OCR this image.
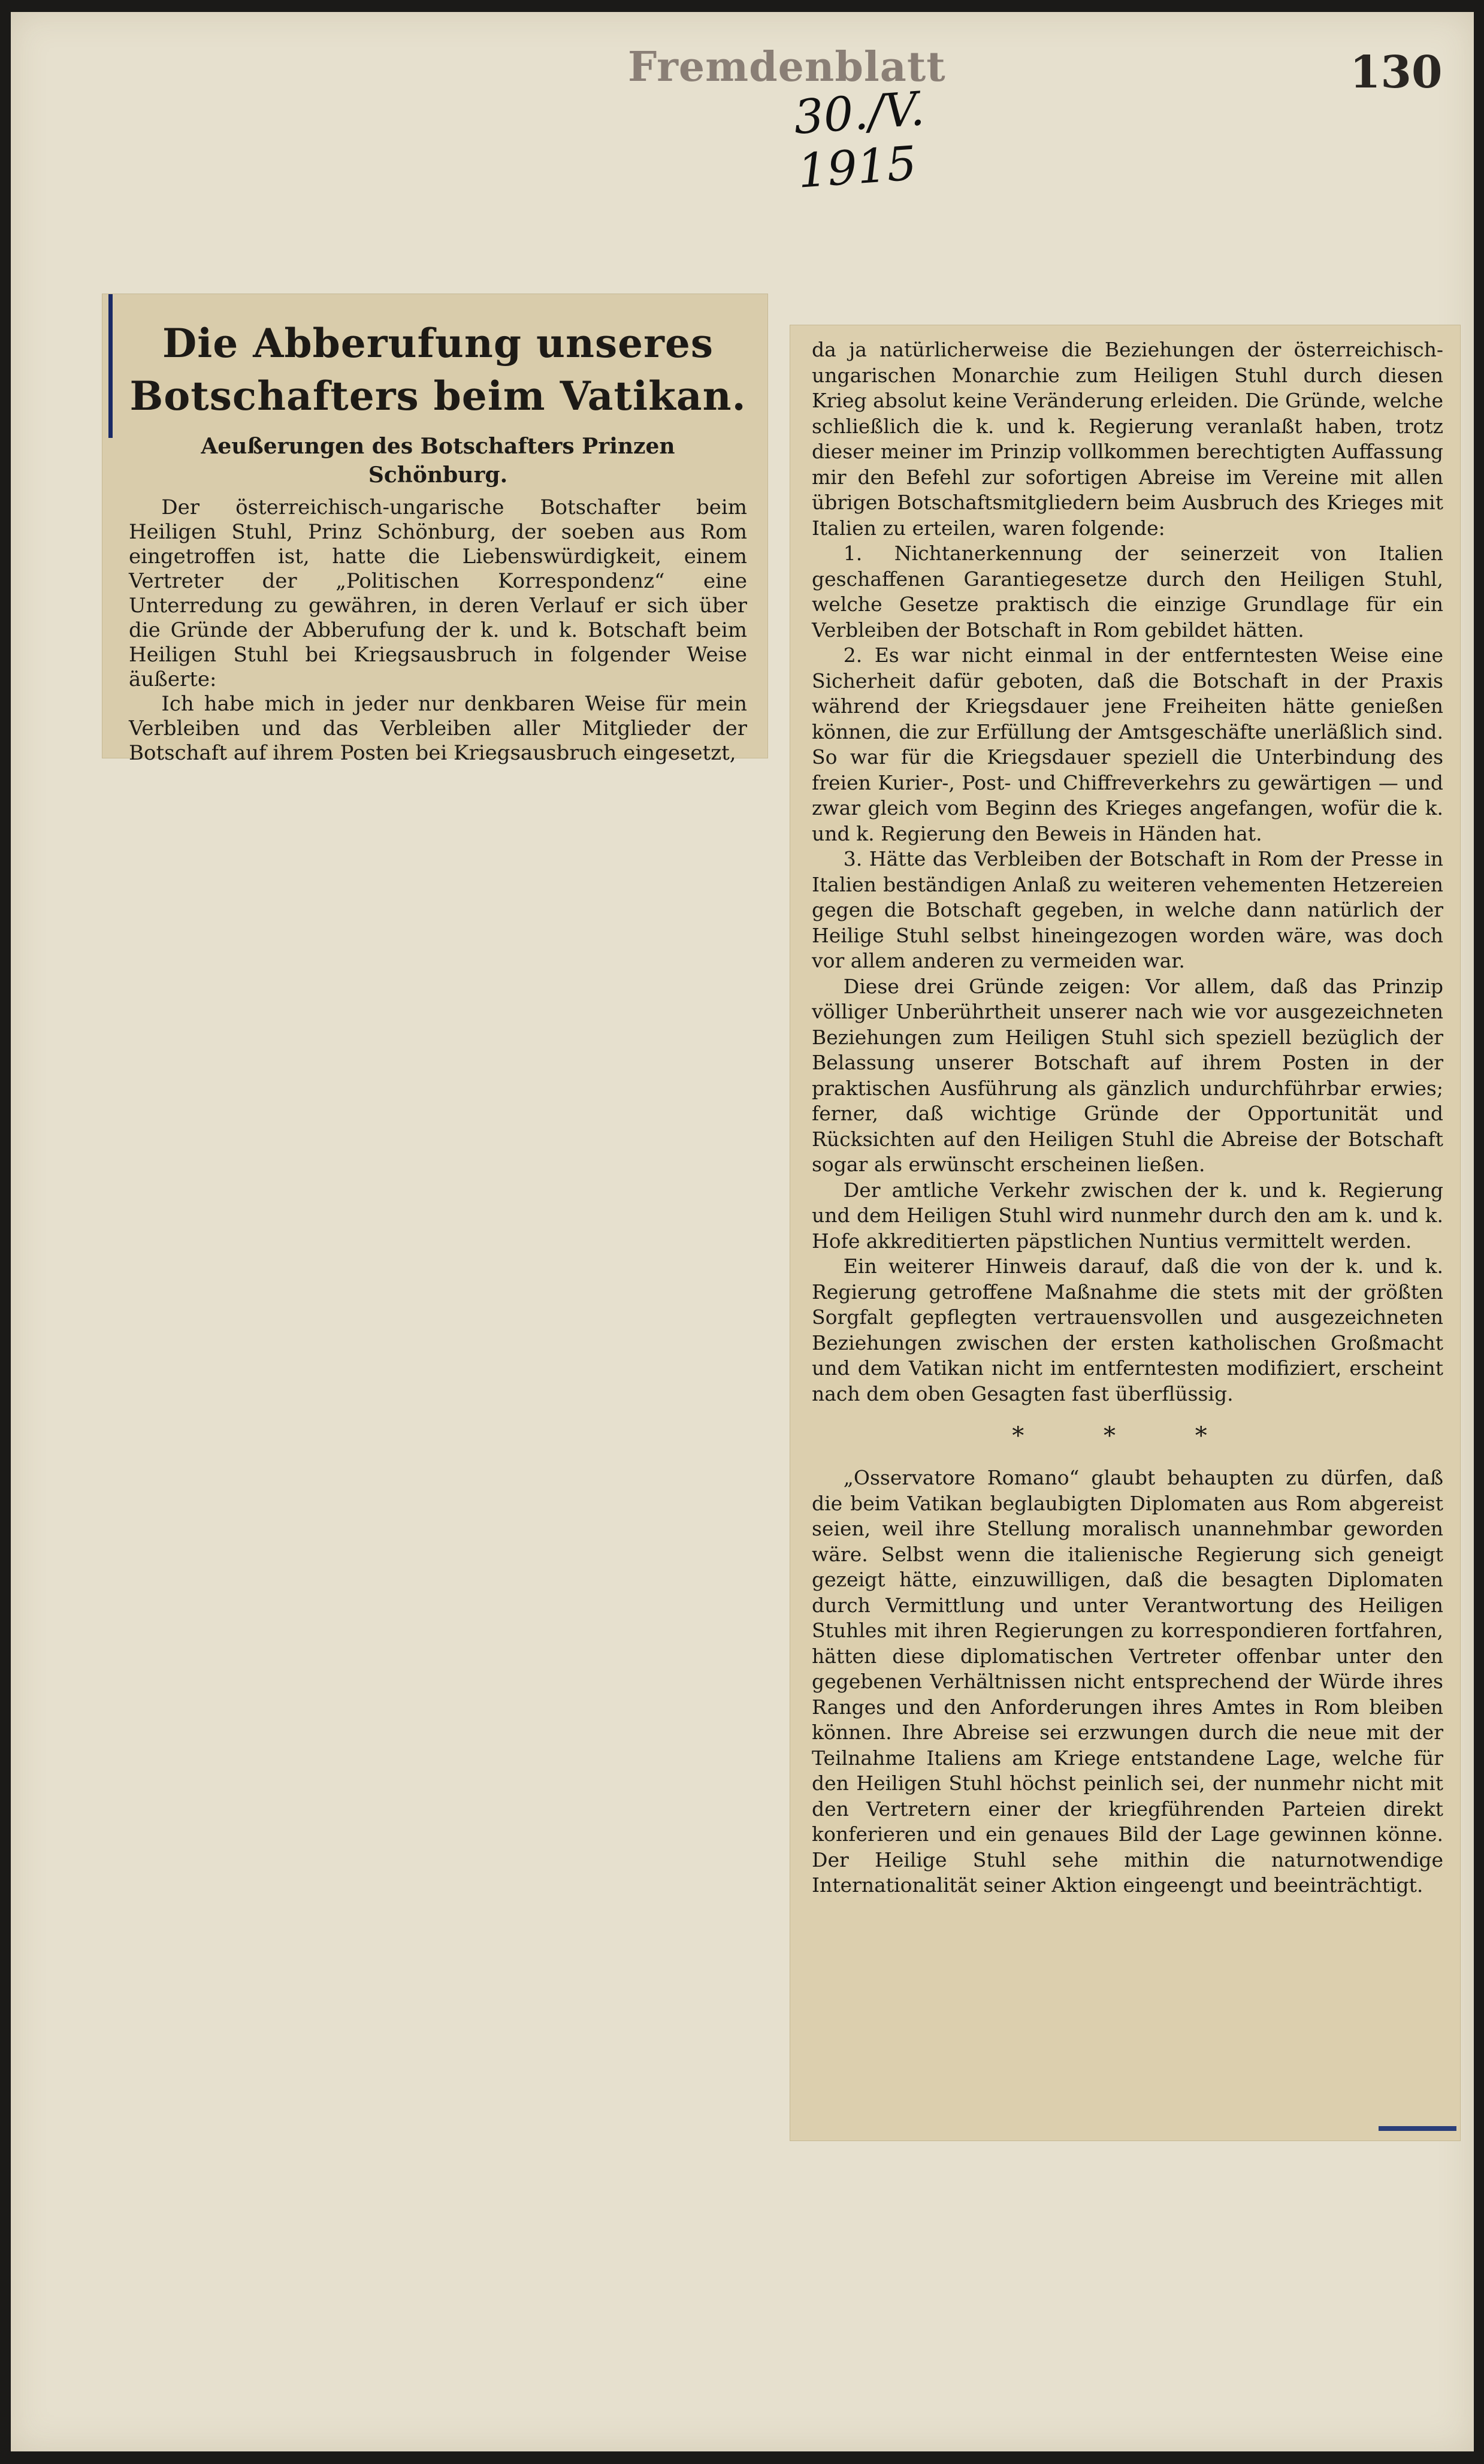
Fremdenblatt	130
30./V. 1915
Die Abberufung unseres Botschafters beim Vatikan.
Aeußerungen des Botschafters Prinzen Schönburg.

Der österreichisch-ungarische Botschafter beim Heiligen Stuhl, Prinz Schönburg, der soeben aus Rom eingetroffen ist, hatte die Liebenswürdigkeit, einem Vertreter der „Politischen Korrespondenz“ eine Unterredung zu gewähren, in deren Verlauf er sich über die Gründe der Abberufung der k. und k. Botschaft beim Heiligen Stuhl bei Kriegsausbruch in folgender Weise äußerte:

Ich habe mich in jeder nur denkbaren Weise für mein Verbleiben und das Verbleiben aller Mitglieder der Botschaft auf ihrem Posten bei Kriegsausbruch eingesetzt,

da ja natürlicherweise die Beziehungen der österreichisch-ungarischen Monarchie zum Heiligen Stuhl durch diesen Krieg absolut keine Veränderung erleiden. Die Gründe, welche schließlich die k. und k. Regierung veranlaßt haben, trotz dieser meiner im Prinzip vollkommen berechtigten Auffassung mir den Befehl zur sofortigen Abreise im Vereine mit allen übrigen Botschaftsmitgliedern beim Ausbruch des Krieges mit Italien zu erteilen, waren folgende:

1. Nichtanerkennung der seinerzeit von Italien geschaffenen Garantiegesetze durch den Heiligen Stuhl, welche Gesetze praktisch die einzige Grundlage für ein Verbleiben der Botschaft in Rom gebildet hätten.

2. Es war nicht einmal in der entferntesten Weise eine Sicherheit dafür geboten, daß die Botschaft in der Praxis während der Kriegsdauer jene Freiheiten hätte genießen können, die zur Erfüllung der Amtsgeschäfte unerläßlich sind. So war für die Kriegsdauer speziell die Unterbindung des freien Kurier-, Post- und Chiffreverkehrs zu gewärtigen — und zwar gleich vom Beginn des Krieges angefangen, wofür die k. und k. Regierung den Beweis in Händen hat.

3. Hätte das Verbleiben der Botschaft in Rom der Presse in Italien beständigen Anlaß zu weiteren vehementen Hetzereien gegen die Botschaft gegeben, in welche dann natürlich der Heilige Stuhl selbst hineingezogen worden wäre, was doch vor allem anderen zu vermeiden war.

Diese drei Gründe zeigen: Vor allem, daß das Prinzip völliger Unberührtheit unserer nach wie vor ausgezeichneten Beziehungen zum Heiligen Stuhl sich speziell bezüglich der Belassung unserer Botschaft auf ihrem Posten in der praktischen Ausführung als gänzlich undurchführbar erwies; ferner, daß wichtige Gründe der Opportunität und Rücksichten auf den Heiligen Stuhl die Abreise der Botschaft sogar als erwünscht erscheinen ließen.

Der amtliche Verkehr zwischen der k. und k. Regierung und dem Heiligen Stuhl wird nunmehr durch den am k. und k. Hofe akkreditierten päpstlichen Nuntius vermittelt werden.

Ein weiterer Hinweis darauf, daß die von der k. und k. Regierung getroffene Maßnahme die stets mit der größten Sorgfalt gepflegten vertrauensvollen und ausgezeichneten Beziehungen zwischen der ersten katholischen Großmacht und dem Vatikan nicht im entferntesten modifiziert, erscheint nach dem oben Gesagten fast überflüssig.

* * *

„Osservatore Romano“ glaubt behaupten zu dürfen, daß die beim Vatikan beglaubigten Diplomaten aus Rom abgereist seien, weil ihre Stellung moralisch unannehmbar geworden wäre. Selbst wenn die italienische Regierung sich geneigt gezeigt hätte, einzuwilligen, daß die besagten Diplomaten durch Vermittlung und unter Verantwortung des Heiligen Stuhles mit ihren Regierungen zu korrespondieren fortfahren, hätten diese diplomatischen Vertreter offenbar unter den gegebenen Verhältnissen nicht entsprechend der Würde ihres Ranges und den Anforderungen ihres Amtes in Rom bleiben können. Ihre Abreise sei erzwungen durch die neue mit der Teilnahme Italiens am Kriege entstandene Lage, welche für den Heiligen Stuhl höchst peinlich sei, der nunmehr nicht mit den Vertretern einer der kriegführenden Parteien direkt konferieren und ein genaues Bild der Lage gewinnen könne. Der Heilige Stuhl sehe mithin die naturnotwendige Internationalität seiner Aktion eingeengt und beeinträchtigt.
